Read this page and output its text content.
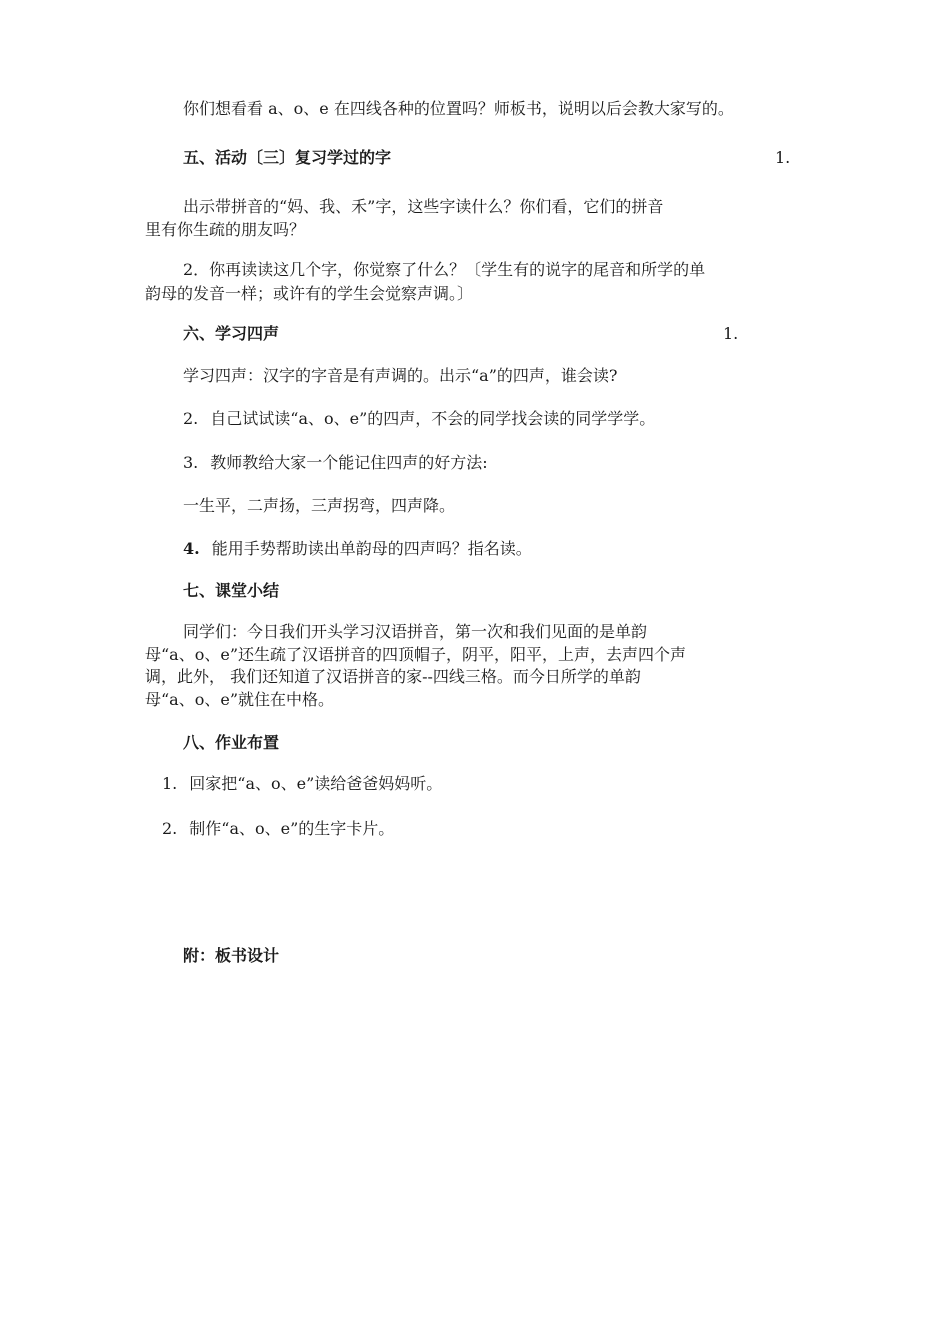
你们想看看 a、o、e 在四线各种的位置吗？师板书，说明以后会教大家写的。
五、活动〔三〕复习学过的字	1.
出示带拼音的“妈、我、禾”字，这些字读什么？你们看，它们的拼音
里有你生疏的朋友吗？
2．你再读读这几个字，你觉察了什么？〔学生有的说字的尾音和所学的单
韵母的发音一样；或许有的学生会觉察声调。〕
六、学习四声	1.
学习四声：汉字的字音是有声调的。出示“a”的四声，谁会读?
2. 自己试试读“a、o、e”的四声，不会的同学找会读的同学学学。
3. 教师教给大家一个能记住四声的好方法:
一生平，二声扬，三声拐弯，四声降。
4. 能用手势帮助读出单韵母的四声吗？指名读。
七、课堂小结
同学们：今日我们开头学习汉语拼音，第一次和我们见面的是单韵
母“a、o、e”还生疏了汉语拼音的四顶帽子，阴平，阳平，上声，去声四个声
调，此外， 我们还知道了汉语拼音的家--四线三格。而今日所学的单韵
母“a、o、e”就住在中格。
八、作业布置
1. 回家把“a、o、e”读给爸爸妈妈听。
2. 制作“a、o、e”的生字卡片。
附：板书设计
